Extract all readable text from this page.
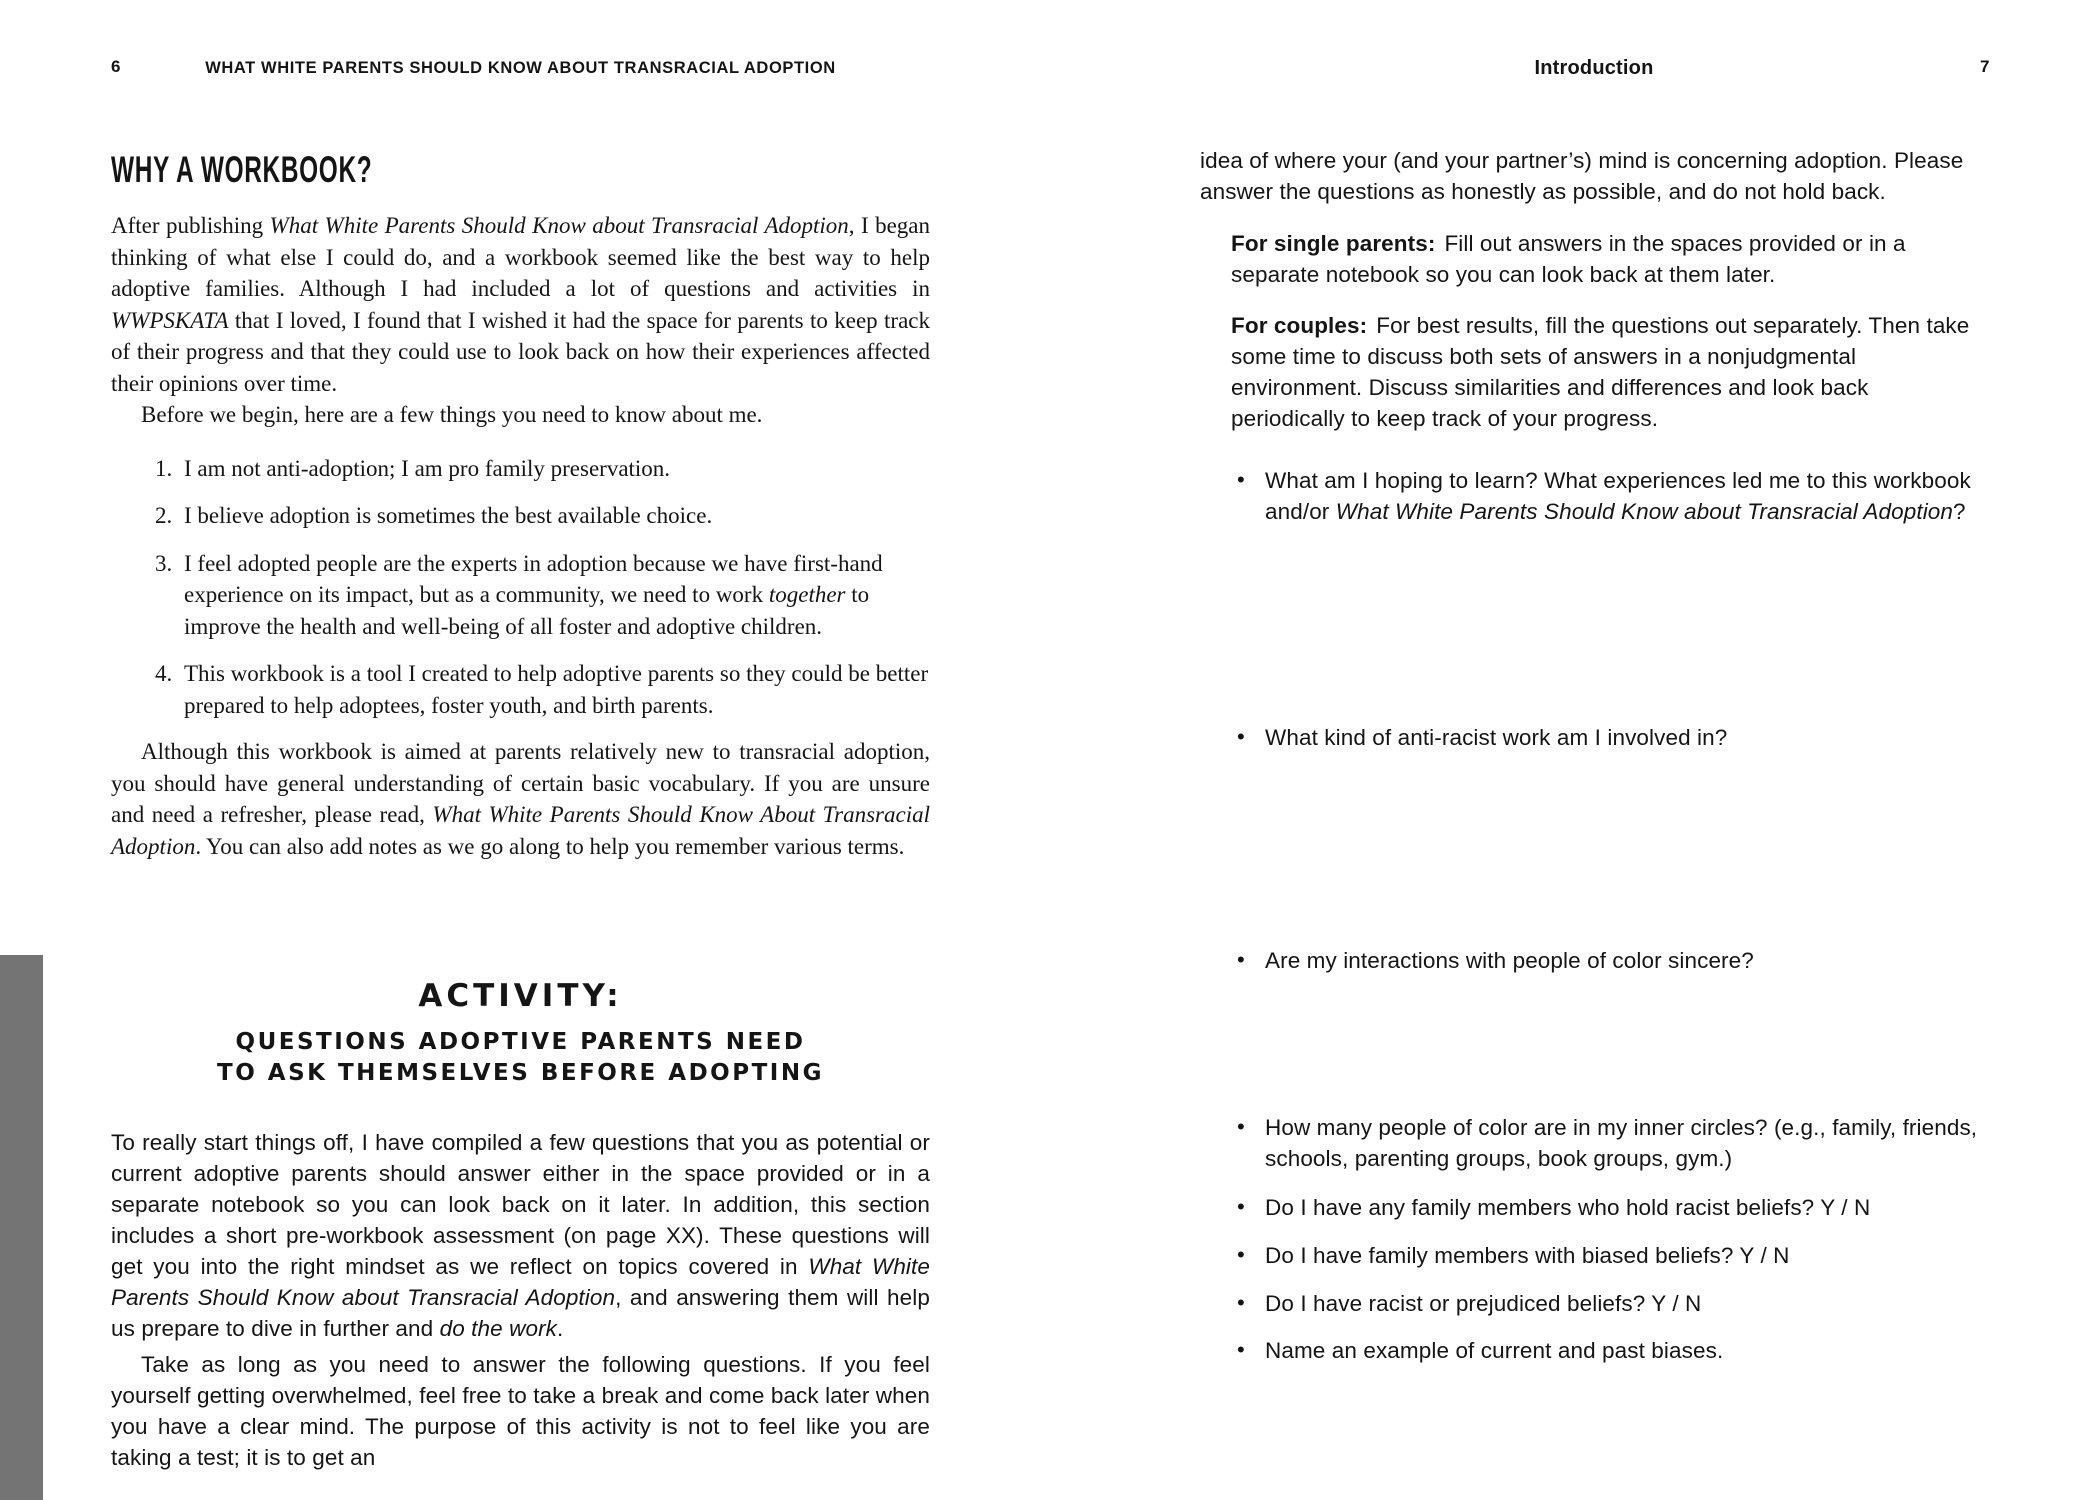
6	WHAT WHITE PARENTS SHOULD KNOW ABOUT TRANSRACIAL ADOPTION	Introduction	7
WHY A WORKBOOK?

After publishing What White Parents Should Know about Transracial Adoption, I began thinking of what else I could do, and a workbook seemed like the best way to help adoptive families. Although I had included a lot of questions and activities in WWPSKATA that I loved, I found that I wished it had the space for parents to keep track of their progress and that they could use to look back on how their experiences affected their opinions over time.

Before we begin, here are a few things you need to know about me.

1. I am not anti-adoption; I am pro family preservation.
2. I believe adoption is sometimes the best available choice.
3. I feel adopted people are the experts in adoption because we have first-hand experience on its impact, but as a community, we need to work together to improve the health and well-being of all foster and adoptive children.
4. This workbook is a tool I created to help adoptive parents so they could be better prepared to help adoptees, foster youth, and birth parents.

Although this workbook is aimed at parents relatively new to transracial adoption, you should have general understanding of certain basic vocabulary. If you are unsure and need a refresher, please read, What White Parents Should Know About Transracial Adoption. You can also add notes as we go along to help you remember various terms.

ACTIVITY:
QUESTIONS ADOPTIVE PARENTS NEED
TO ASK THEMSELVES BEFORE ADOPTING

To really start things off, I have compiled a few questions that you as potential or current adoptive parents should answer either in the space provided or in a separate notebook so you can look back on it later. In addition, this section includes a short pre-workbook assessment (on page XX). These questions will get you into the right mindset as we reflect on topics covered in What White Parents Should Know about Transracial Adoption, and answering them will help us prepare to dive in further and do the work.

Take as long as you need to answer the following questions. If you feel yourself getting overwhelmed, feel free to take a break and come back later when you have a clear mind. The purpose of this activity is not to feel like you are taking a test; it is to get an

idea of where your (and your partner’s) mind is concerning adoption. Please answer the questions as honestly as possible, and do not hold back.

For single parents: Fill out answers in the spaces provided or in a separate notebook so you can look back at them later.

For couples: For best results, fill the questions out separately. Then take some time to discuss both sets of answers in a nonjudgmental environment. Discuss similarities and differences and look back periodically to keep track of your progress.

• What am I hoping to learn? What experiences led me to this workbook and/or What White Parents Should Know about Transracial Adoption?
• What kind of anti-racist work am I involved in?
• Are my interactions with people of color sincere?
• How many people of color are in my inner circles? (e.g., family, friends, schools, parenting groups, book groups, gym.)
• Do I have any family members who hold racist beliefs? Y / N
• Do I have family members with biased beliefs? Y / N
• Do I have racist or prejudiced beliefs? Y / N
• Name an example of current and past biases.
